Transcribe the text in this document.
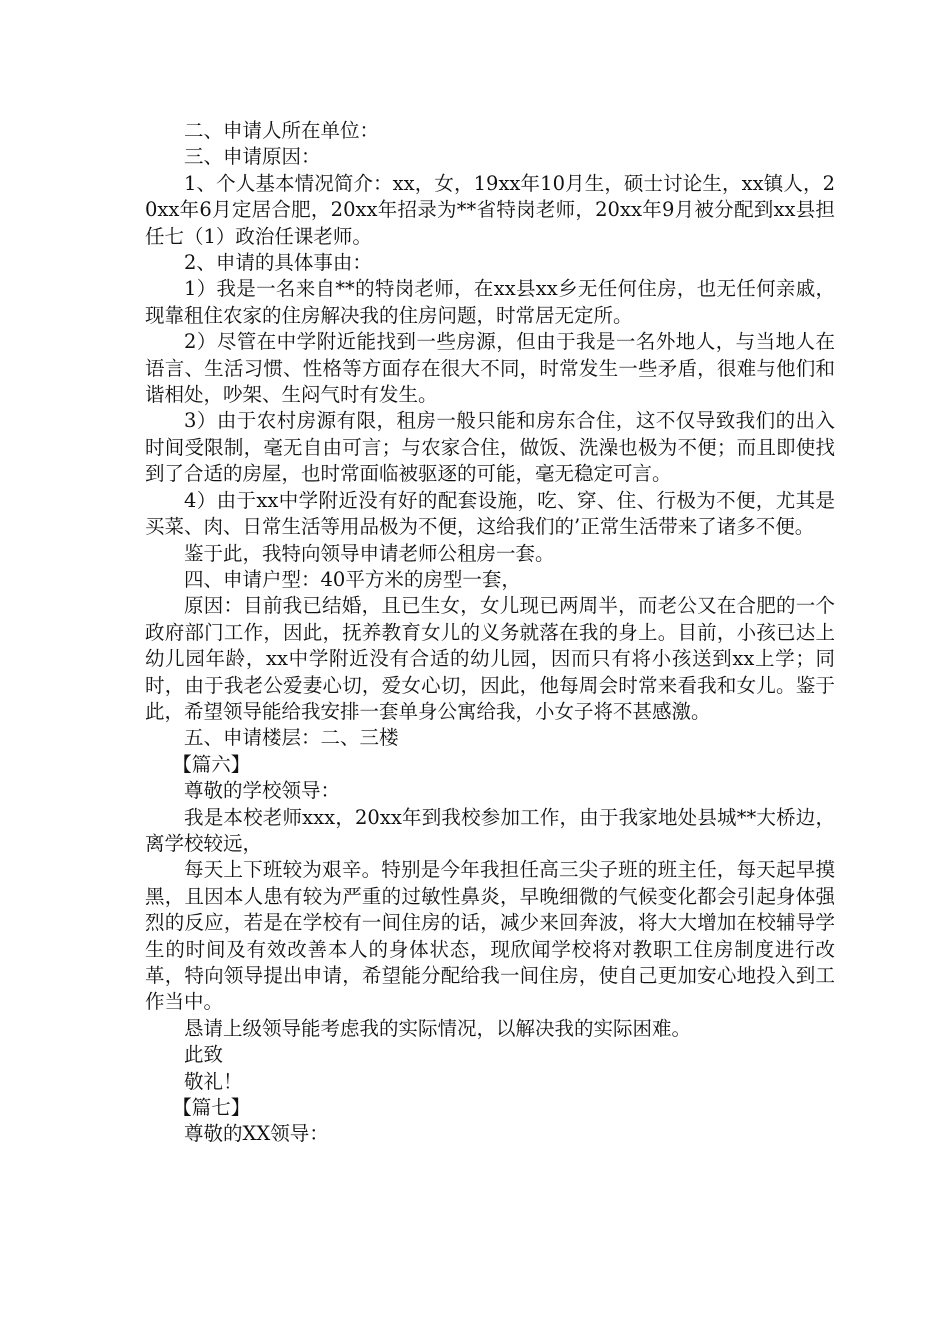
二、申请人所在单位：

三、申请原因：

1、个人基本情况简介：xx，女，19xx年10月生，硕士讨论生，xx镇人，20xx年6月定居合肥，20xx年招录为**省特岗老师，20xx年9月被分配到xx县担任七（1）政治任课老师。

2、申请的具体事由：

1）我是一名来自**的特岗老师，在xx县xx乡无任何住房，也无任何亲戚，现靠租住农家的住房解决我的住房问题，时常居无定所。

2）尽管在中学附近能找到一些房源，但由于我是一名外地人，与当地人在语言、生活习惯、性格等方面存在很大不同，时常发生一些矛盾，很难与他们和谐相处，吵架、生闷气时有发生。

3）由于农村房源有限，租房一般只能和房东合住，这不仅导致我们的出入时间受限制，毫无自由可言；与农家合住，做饭、洗澡也极为不便；而且即使找到了合适的房屋，也时常面临被驱逐的可能，毫无稳定可言。

4）由于xx中学附近没有好的配套设施，吃、穿、住、行极为不便，尤其是买菜、肉、日常生活等用品极为不便，这给我们的’正常生活带来了诸多不便。

鉴于此，我特向领导申请老师公租房一套。

四、申请户型：40平方米的房型一套，

原因：目前我已结婚，且已生女，女儿现已两周半，而老公又在合肥的一个政府部门工作，因此，抚养教育女儿的义务就落在我的身上。目前，小孩已达上幼儿园年龄，xx中学附近没有合适的幼儿园，因而只有将小孩送到xx上学；同时，由于我老公爱妻心切，爱女心切，因此，他每周会时常来看我和女儿。鉴于此，希望领导能给我安排一套单身公寓给我，小女子将不甚感激。

五、申请楼层：二、三楼

【篇六】

尊敬的学校领导：

我是本校老师xxx，20xx年到我校参加工作，由于我家地处县城**大桥边，离学校较远，

每天上下班较为艰辛。特别是今年我担任高三尖子班的班主任，每天起早摸黑，且因本人患有较为严重的过敏性鼻炎，早晚细微的气候变化都会引起身体强烈的反应，若是在学校有一间住房的话，减少来回奔波，将大大增加在校辅导学生的时间及有效改善本人的身体状态，现欣闻学校将对教职工住房制度进行改革，特向领导提出申请，希望能分配给我一间住房，使自己更加安心地投入到工作当中。

恳请上级领导能考虑我的实际情况，以解决我的实际困难。

此致

敬礼！

【篇七】

尊敬的XX领导：
